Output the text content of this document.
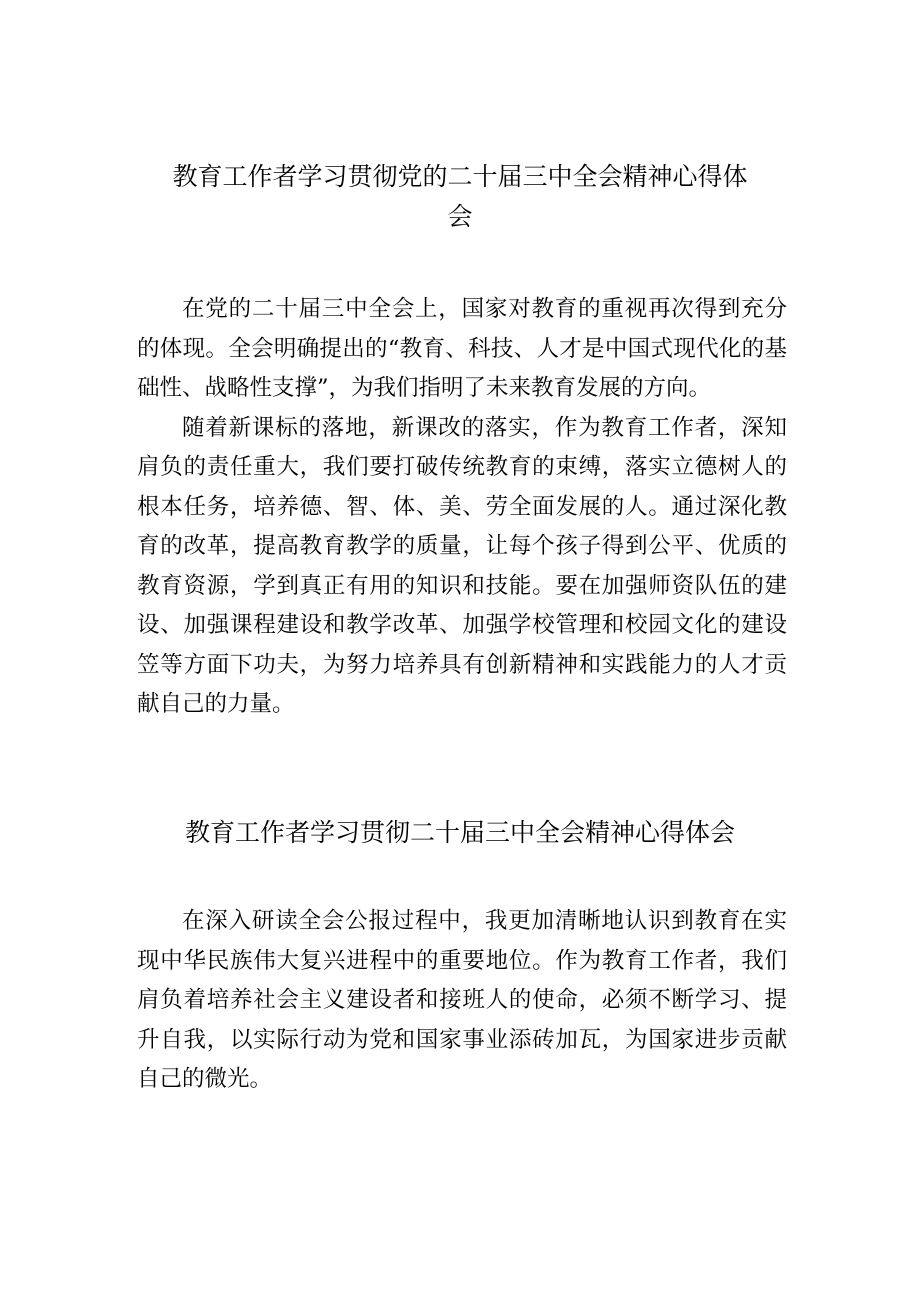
教育工作者学习贯彻党的二十届三中全会精神心得体
会

在党的二十届三中全会上，国家对教育的重视再次得到充分的体现。全会明确提出的“教育、科技、人才是中国式现代化的基础性、战略性支撑”，为我们指明了未来教育发展的方向。

随着新课标的落地，新课改的落实，作为教育工作者，深知肩负的责任重大，我们要打破传统教育的束缚，落实立德树人的根本任务，培养德、智、体、美、劳全面发展的人。通过深化教育的改革，提高教育教学的质量，让每个孩子得到公平、优质的教育资源，学到真正有用的知识和技能。要在加强师资队伍的建设、加强课程建设和教学改革、加强学校管理和校园文化的建设笠等方面下功夫，为努力培养具有创新精神和实践能力的人才贡献自己的力量。

教育工作者学习贯彻二十届三中全会精神心得体会

在深入研读全会公报过程中，我更加清晰地认识到教育在实现中华民族伟大复兴进程中的重要地位。作为教育工作者，我们肩负着培养社会主义建设者和接班人的使命，必须不断学习、提升自我，以实际行动为党和国家事业添砖加瓦，为国家进步贡献自己的微光。
